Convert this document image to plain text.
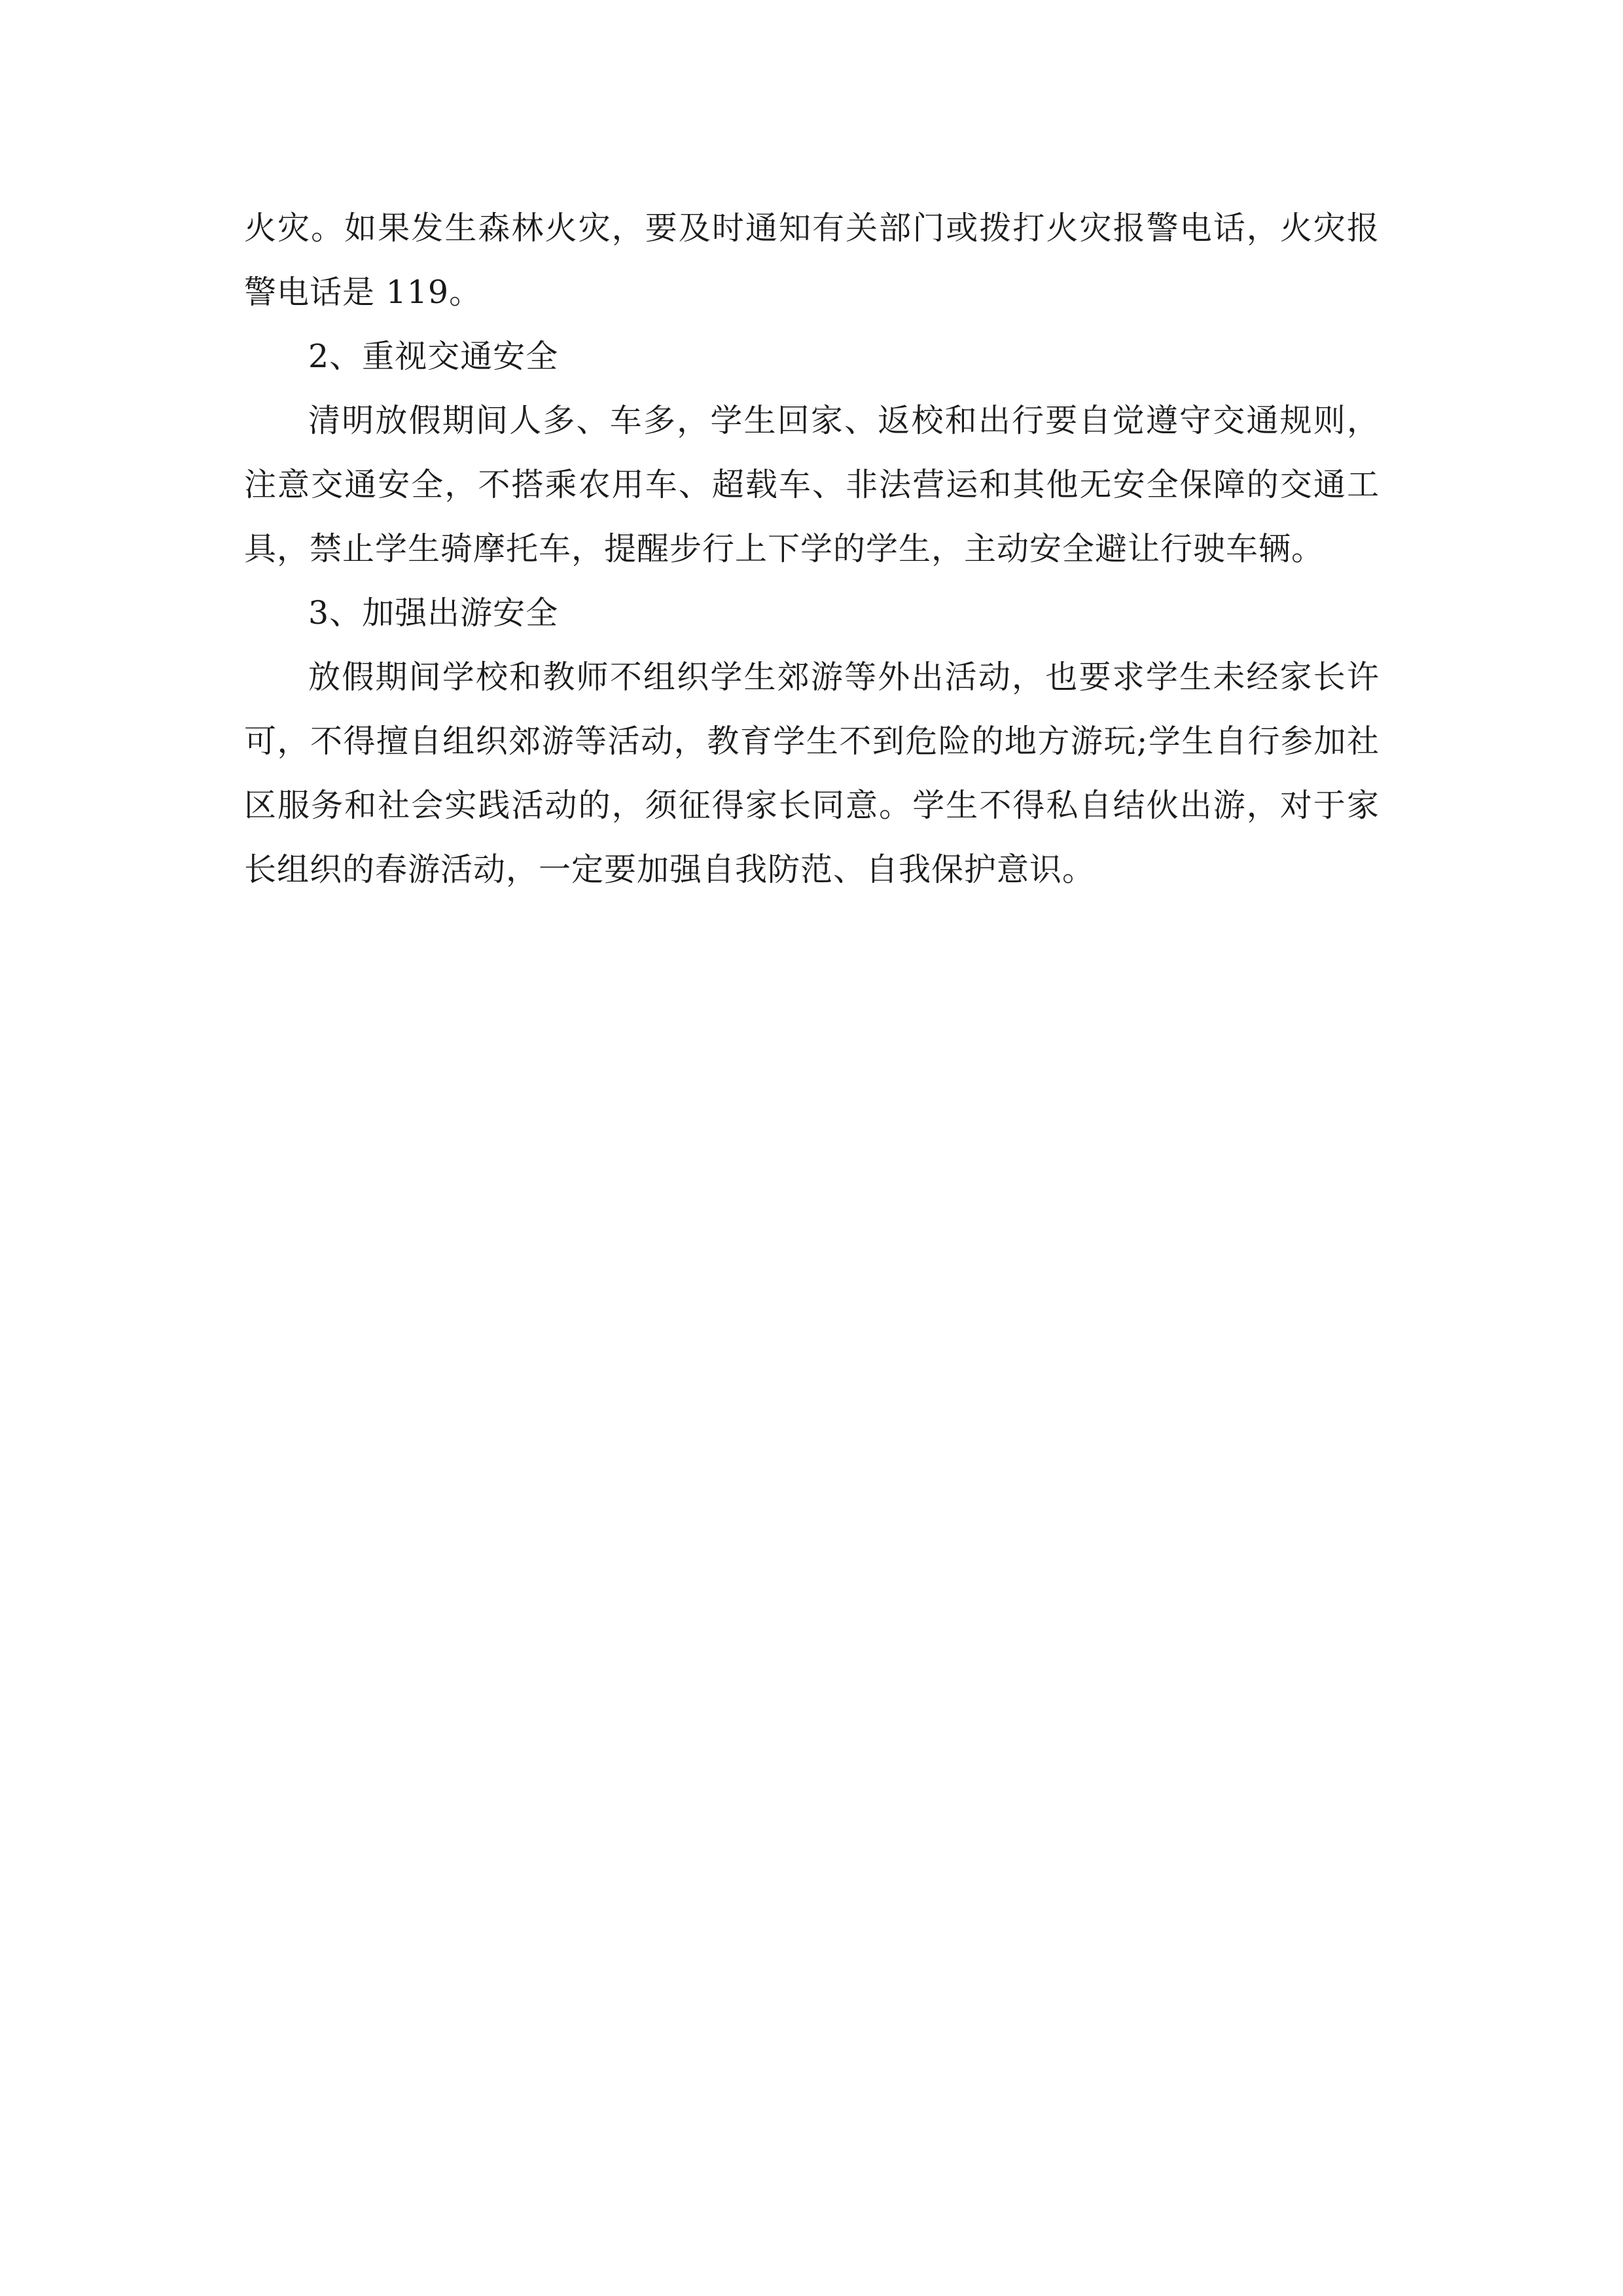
火灾。如果发生森林火灾，要及时通知有关部门或拨打火灾报警电话，火灾报警电话是 119。

2、重视交通安全

清明放假期间人多、车多，学生回家、返校和出行要自觉遵守交通规则，注意交通安全，不搭乘农用车、超载车、非法营运和其他无安全保障的交通工具，禁止学生骑摩托车，提醒步行上下学的学生，主动安全避让行驶车辆。

3、加强出游安全

放假期间学校和教师不组织学生郊游等外出活动，也要求学生未经家长许可，不得擅自组织郊游等活动，教育学生不到危险的地方游玩;学生自行参加社区服务和社会实践活动的，须征得家长同意。学生不得私自结伙出游，对于家长组织的春游活动，一定要加强自我防范、自我保护意识。
